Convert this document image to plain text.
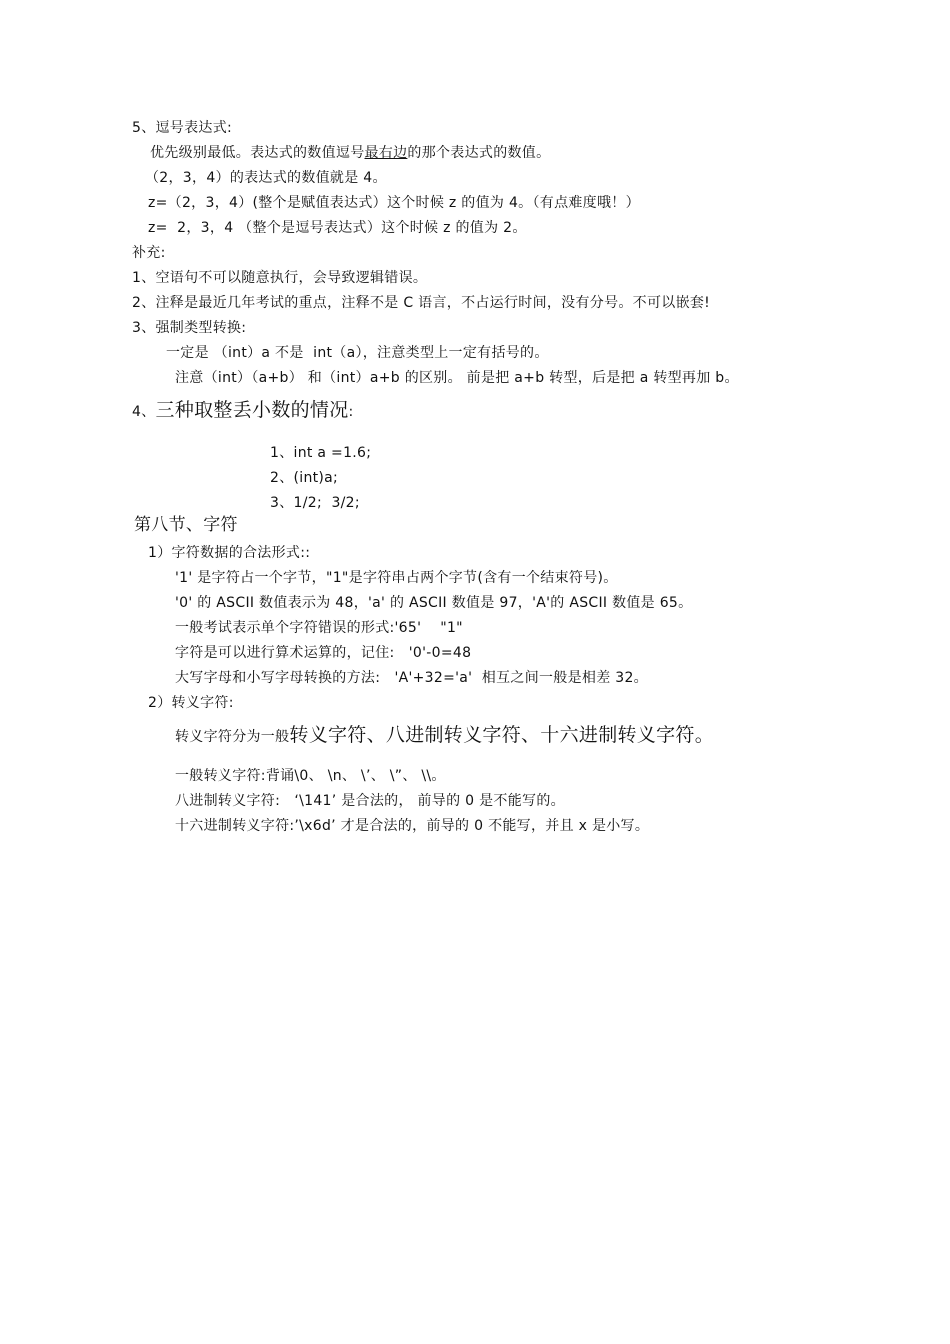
5、逗号表达式:
优先级别最低。表达式的数值逗号最右边的那个表达式的数值。
（2，3，4）的表达式的数值就是 4。
z=（2，3，4）(整个是赋值表达式）这个时候 z 的值为 4。（有点难度哦！）
z=  2，3，4 （整个是逗号表达式）这个时候 z 的值为 2。
补充:
1、空语句不可以随意执行，会导致逻辑错误。
2、注释是最近几年考试的重点，注释不是 C 语言，不占运行时间，没有分号。不可以嵌套!
3、强制类型转换:
一定是 （int）a 不是  int（a），注意类型上一定有括号的。
注意（int）（a+b） 和（int）a+b 的区别。 前是把 a+b 转型，后是把 a 转型再加 b。
4、三种取整丢小数的情况:
1、int a =1.6;
2、(int)a;
3、1/2;  3/2;
第八节、字符
1）字符数据的合法形式::
'1' 是字符占一个字节，"1"是字符串占两个字节(含有一个结束符号)。
'0' 的 ASCII 数值表示为 48，'a' 的 ASCII 数值是 97，'A'的 ASCII 数值是 65。
一般考试表示单个字符错误的形式:'65'    "1"
字符是可以进行算术运算的，记住:   '0'-0=48
大写字母和小写字母转换的方法:   'A'+32='a'  相互之间一般是相差 32。
2）转义字符:
转义字符分为一般转义字符、八进制转义字符、十六进制转义字符。
一般转义字符:背诵\0、 \n、 \’、 \”、 \\。
八进制转义字符:   ‘\141’ 是合法的， 前导的 0 是不能写的。
十六进制转义字符:’\x6d’ 才是合法的，前导的 0 不能写，并且 x 是小写。
